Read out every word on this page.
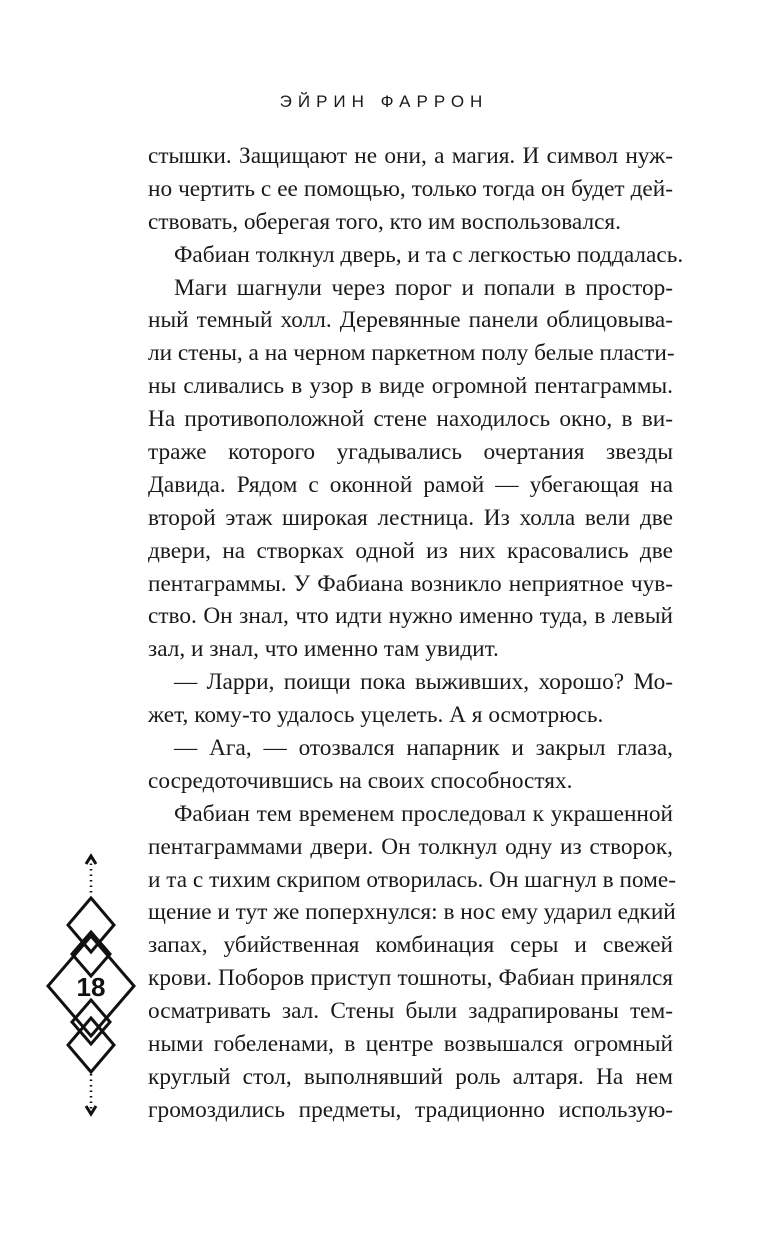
ЭЙРИН ФАРРОН
стышки. Защищают не они, а магия. И символ нуж-
но чертить с ее помощью, только тогда он будет дей-
ствовать, оберегая того, кто им воспользовался.
Фабиан толкнул дверь, и та с легкостью поддалась.
Маги шагнули через порог и попали в простор-
ный темный холл. Деревянные панели облицовыва-
ли стены, а на черном паркетном полу белые пласти-
ны сливались в узор в виде огромной пентаграммы.
На противоположной стене находилось окно, в ви-
траже которого угадывались очертания звезды
Давида. Рядом с оконной рамой — убегающая на
второй этаж широкая лестница. Из холла вели две
двери, на створках одной из них красовались две
пентаграммы. У Фабиана возникло неприятное чув-
ство. Он знал, что идти нужно именно туда, в левый
зал, и знал, что именно там увидит.
— Ларри, поищи пока выживших, хорошо? Мо-
жет, кому-то удалось уцелеть. А я осмотрюсь.
— Ага, — отозвался напарник и закрыл глаза,
сосредоточившись на своих способностях.
Фабиан тем временем проследовал к украшенной
пентаграммами двери. Он толкнул одну из створок,
и та с тихим скрипом отворилась. Он шагнул в поме-
щение и тут же поперхнулся: в нос ему ударил едкий
запах, убийственная комбинация серы и свежей
крови. Поборов приступ тошноты, Фабиан принялся
осматривать зал. Стены были задрапированы тем-
ными гобеленами, в центре возвышался огромный
круглый стол, выполнявший роль алтаря. На нем
громоздились предметы, традиционно использую-
18
